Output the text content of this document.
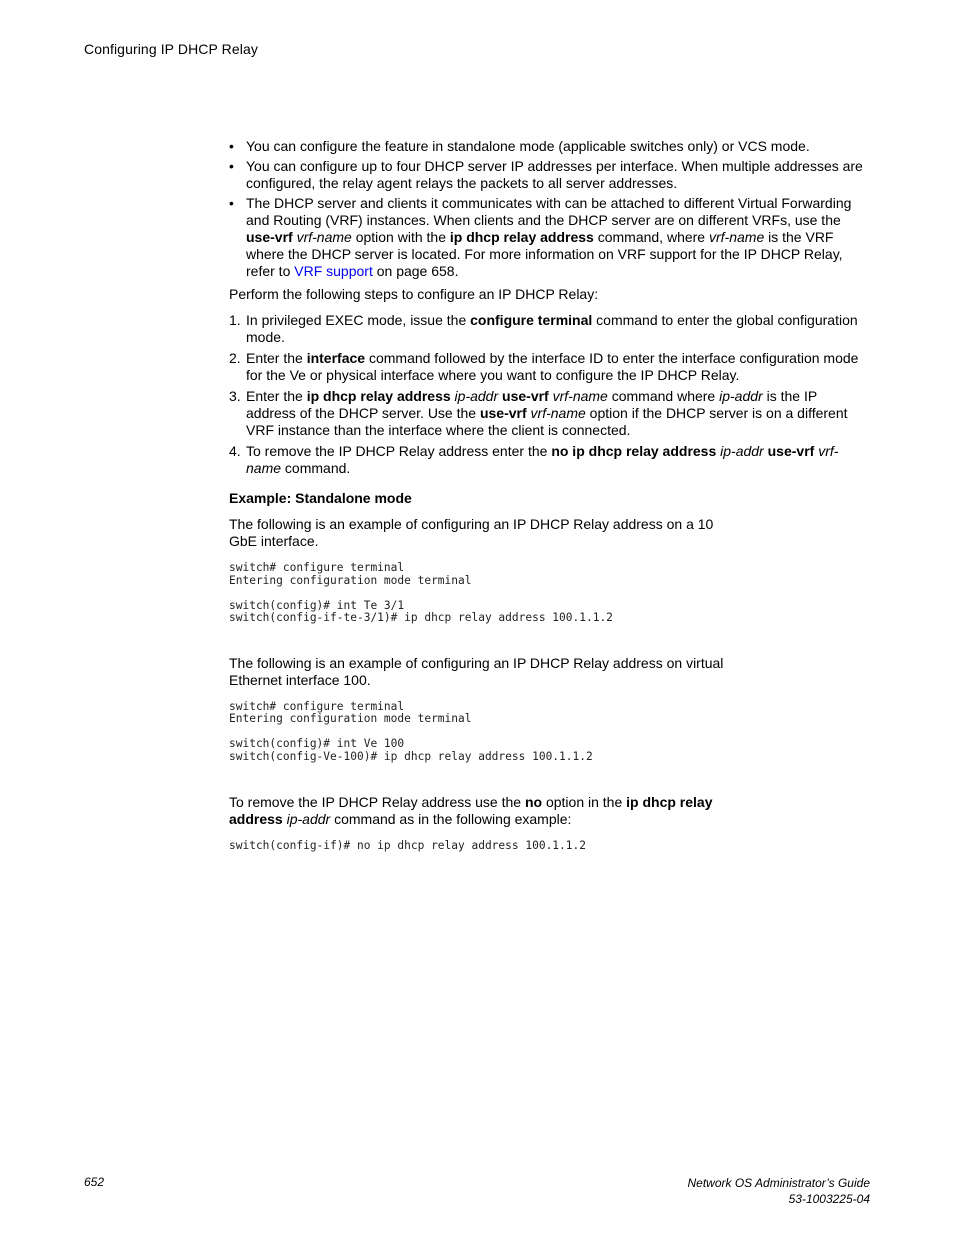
Configuring IP DHCP Relay
• You can configure the feature in standalone mode (applicable switches only) or VCS mode.
• You can configure up to four DHCP server IP addresses per interface. When multiple addresses are configured, the relay agent relays the packets to all server addresses.
• The DHCP server and clients it communicates with can be attached to different Virtual Forwarding and Routing (VRF) instances. When clients and the DHCP server are on different VRFs, use the use-vrf vrf-name option with the ip dhcp relay address command, where vrf-name is the VRF where the DHCP server is located. For more information on VRF support for the IP DHCP Relay, refer to VRF support on page 658.

Perform the following steps to configure an IP DHCP Relay:

1. In privileged EXEC mode, issue the configure terminal command to enter the global configuration mode.
2. Enter the interface command followed by the interface ID to enter the interface configuration mode for the Ve or physical interface where you want to configure the IP DHCP Relay.
3. Enter the ip dhcp relay address ip-addr use-vrf vrf-name command where ip-addr is the IP address of the DHCP server. Use the use-vrf vrf-name option if the DHCP server is on a different VRF instance than the interface where the client is connected.
4. To remove the IP DHCP Relay address enter the no ip dhcp relay address ip-addr use-vrf vrf-name command.
Example: Standalone mode

The following is an example of configuring an IP DHCP Relay address on a 10 GbE interface.

switch# configure terminal
Entering configuration mode terminal
switch(config)# int Te 3/1
switch(config-if-te-3/1)# ip dhcp relay address 100.1.1.2

The following is an example of configuring an IP DHCP Relay address on virtual Ethernet interface 100.

switch# configure terminal
Entering configuration mode terminal
switch(config)# int Ve 100
switch(config-Ve-100)# ip dhcp relay address 100.1.1.2

To remove the IP DHCP Relay address use the no option in the ip dhcp relay address ip-addr command as in the following example:

switch(config-if)# no ip dhcp relay address 100.1.1.2
652	Network OS Administrator’s Guide
53-1003225-04
